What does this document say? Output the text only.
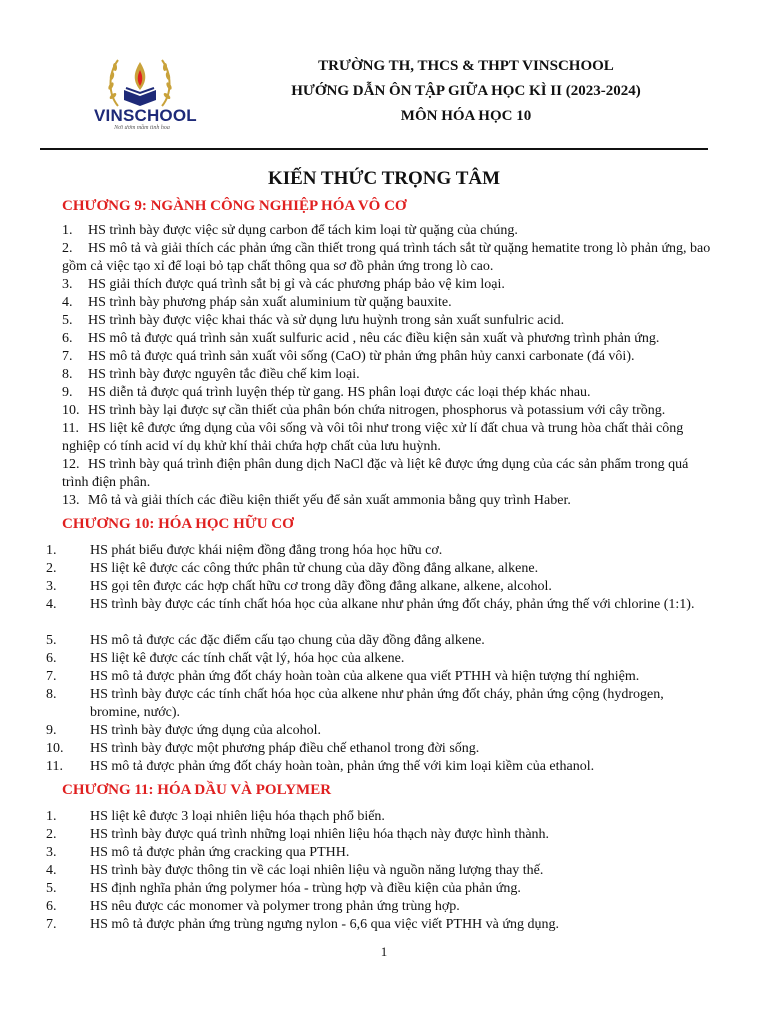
VINSCHOOL
Nơi ươm mầm tinh hoa
TRƯỜNG TH, THCS & THPT VINSCHOOL
HƯỚNG DẪN ÔN TẬP GIỮA HỌC KÌ II (2023-2024)
MÔN HÓA HỌC 10
KIẾN THỨC TRỌNG TÂM
CHƯƠNG 9: NGÀNH CÔNG NGHIỆP HÓA VÔ CƠ
1. HS trình bày được việc sử dụng carbon để tách kim loại từ quặng của chúng.
2. HS mô tả và giải thích các phản ứng cần thiết trong quá trình tách sắt từ quặng hematite trong lò phản ứng, bao gồm cả việc tạo xỉ để loại bỏ tạp chất thông qua sơ đồ phản ứng trong lò cao.
3. HS giải thích được quá trình sắt bị gỉ và các phương pháp bảo vệ kim loại.
4. HS trình bày phương pháp sản xuất aluminium từ quặng bauxite.
5. HS trình bày được việc khai thác và sử dụng lưu huỳnh trong sản xuất sunfulric acid.
6. HS mô tả được quá trình sản xuất sulfuric acid , nêu các điều kiện sản xuất và phương trình phản ứng.
7. HS mô tả được quá trình sản xuất vôi sống (CaO) từ phản ứng phân hủy canxi carbonate (đá vôi).
8. HS trình bày được nguyên tắc điều chế kim loại.
9. HS diễn tả được quá trình luyện thép từ gang. HS phân loại được các loại thép khác nhau.
10. HS trình bày lại được sự cần thiết của phân bón chứa nitrogen, phosphorus và potassium với cây trồng.
11. HS liệt kê được ứng dụng của vôi sống và vôi tôi như trong việc xử lí đất chua và trung hòa chất thải công nghiệp có tính acid ví dụ khử khí thải chứa hợp chất của lưu huỳnh.
12. HS trình bày quá trình điện phân dung dịch NaCl đặc và liệt kê được ứng dụng của các sản phẩm trong quá trình điện phân.
13. Mô tả và giải thích các điều kiện thiết yếu để sản xuất ammonia bằng quy trình Haber.
CHƯƠNG 10: HÓA HỌC HỮU CƠ
1. HS phát biểu được khái niệm đồng đẳng trong hóa học hữu cơ.
2. HS liệt kê được các công thức phân tử chung của dãy đồng đẳng alkane, alkene.
3. HS gọi tên được các hợp chất hữu cơ trong dãy đồng đẳng alkane, alkene, alcohol.
4. HS trình bày được các tính chất hóa học của alkane như phản ứng đốt cháy, phản ứng thế với chlorine (1:1).
5. HS mô tả được các đặc điểm cấu tạo chung của dãy đồng đẳng alkene.
6. HS liệt kê được các tính chất vật lý, hóa học của alkene.
7. HS mô tả được phản ứng đốt cháy hoàn toàn của alkene qua viết PTHH và hiện tượng thí nghiệm.
8. HS trình bày được các tính chất hóa học của alkene như phản ứng đốt cháy, phản ứng cộng (hydrogen, bromine, nước).
9. HS trình bày được ứng dụng của alcohol.
10. HS trình bày được một phương pháp điều chế ethanol trong đời sống.
11. HS mô tả được phản ứng đốt cháy hoàn toàn, phản ứng thế với kim loại kiềm của ethanol.
CHƯƠNG 11: HÓA DẦU VÀ POLYMER
1. HS liệt kê được 3 loại nhiên liệu hóa thạch phổ biến.
2. HS trình bày được quá trình những loại nhiên liệu hóa thạch này được hình thành.
3. HS mô tả được phản ứng cracking qua PTHH.
4. HS trình bày được thông tin về các loại nhiên liệu và nguồn năng lượng thay thế.
5. HS định nghĩa phản ứng polymer hóa - trùng hợp và điều kiện của phản ứng.
6. HS nêu được các monomer và polymer trong phản ứng trùng hợp.
7. HS mô tả được phản ứng trùng ngưng nylon - 6,6 qua việc viết PTHH và ứng dụng.
1
